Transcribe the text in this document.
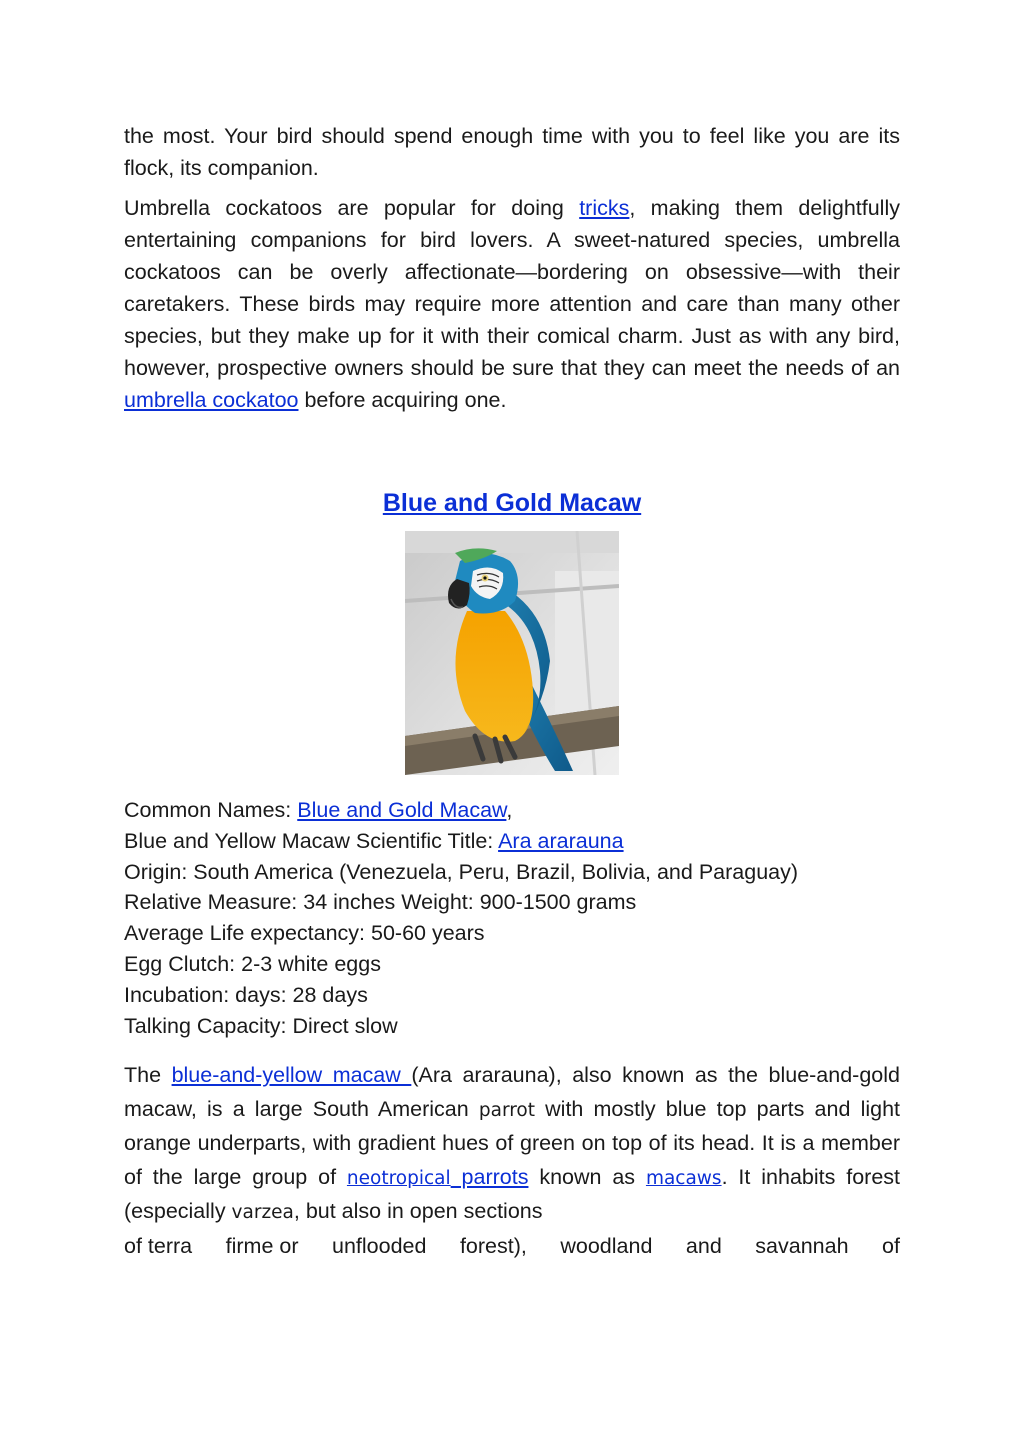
the most. Your bird should spend enough time with you to feel like you are its flock, its companion.

Umbrella cockatoos are popular for doing tricks, making them delightfully entertaining companions for bird lovers. A sweet-natured species, umbrella cockatoos can be overly affectionate—bordering on obsessive—with their caretakers. These birds may require more attention and care than many other species, but they make up for it with their comical charm. Just as with any bird, however, prospective owners should be sure that they can meet the needs of an umbrella cockatoo before acquiring one.

Blue and Gold Macaw

Common Names: Blue and Gold Macaw,

Blue and Yellow Macaw Scientific Title: Ara ararauna

Origin: South America (Venezuela, Peru, Brazil, Bolivia, and Paraguay)

Relative Measure: 34 inches Weight: 900-1500 grams

Average Life expectancy: 50-60 years

Egg Clutch: 2-3 white eggs

Incubation: days: 28 days

Talking Capacity: Direct slow

The blue-and-yellow macaw (Ara ararauna), also known as the blue-and-gold macaw, is a large South American parrot with mostly blue top parts and light orange underparts, with gradient hues of green on top of its head. It is a member of the large group of neotropical parrots known as macaws. It inhabits forest (especially varzea, but also in open sections

of terra firme or unflooded forest), woodland and savannah of
